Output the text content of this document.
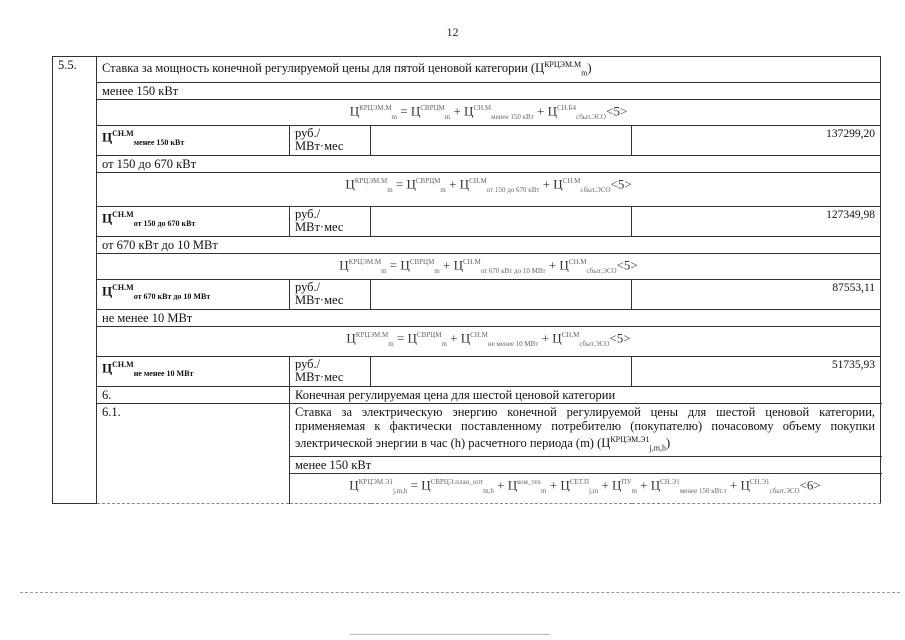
12
5.5.	Ставка за мощность конечной регулируемой цены для пятой ценовой категории $(Ц^{КРЦЭМ.М}_m)$			
	менее 150 кВт			
	$Ц^{КРЦЭМ.М}_m = Ц^{СВРЦМ}_m + Ц^{СН.М}_{менее 150 кВт} + Ц^{СН.Б4}_{сбыт.ЭСО}<5>$			
	$Ц^{СН.М}_{менее 150 кВт}$	руб./
МВт·мес		137299,20
	от 150 до 670 кВт			
	$Ц^{КРЦЭМ.М}_m = Ц^{СВРЦМ}_m + Ц^{СН.М}_{от 150 до 670 кВт} + Ц^{СН.М}_{сбыт.ЭСО}<5>$			
	$Ц^{СН.М}_{от 150 до 670 кВт}$	руб./
МВт·мес		127349,98
	от 670 кВт до 10 МВт			
	$Ц^{КРЦЭМ.М}_m = Ц^{СВРЦМ}_m + Ц^{СН.М}_{от 670 кВт до 10 МВт} + Ц^{СН.М}_{сбыт.ЭСО}<5>$			
	$Ц^{СН.М}_{от 670 кВт до 10 МВт}$	руб./
МВт·мес		87553,11
	не менее 10 МВт			
	$Ц^{КРЦЭМ.М}_m = Ц^{СВРЦМ}_m + Ц^{СН.М}_{не менее 10 МВт} + Ц^{СН.М}_{сбыт.ЭСО}<5>$			
	$Ц^{СН.М}_{не менее 10 МВт}$	руб./
МВт·мес		51735,93
	6.	Конечная регулируемая цена для шестой ценовой категории		
	6.1.	Ставка за электрическую энергию конечной регулируемой цены для шестой ценовой категории, применяемая к фактически поставленному потребителю (покупателю) почасовому объему покупки электрической энергии в час (h) расчетного периода (m) $(Ц^{КРЦЭМ.Э1}_{j,m,h})$		
		менее 150 кВт		
		$Ц^{КРЦЭМ.Э1}_{j,m,h} = Ц^{СВРЦЭ.план\_опт}_{m,h} + Ц^{ком\_тех}_m + Ц^{СЕТ.П}_{j,m} + Ц^{ПУ}_m + Ц^{СН.Э1}_{менее 150 кВт.т} + Ц^{СН.Э1}_{сбыт.ЭСО}<6>$		
